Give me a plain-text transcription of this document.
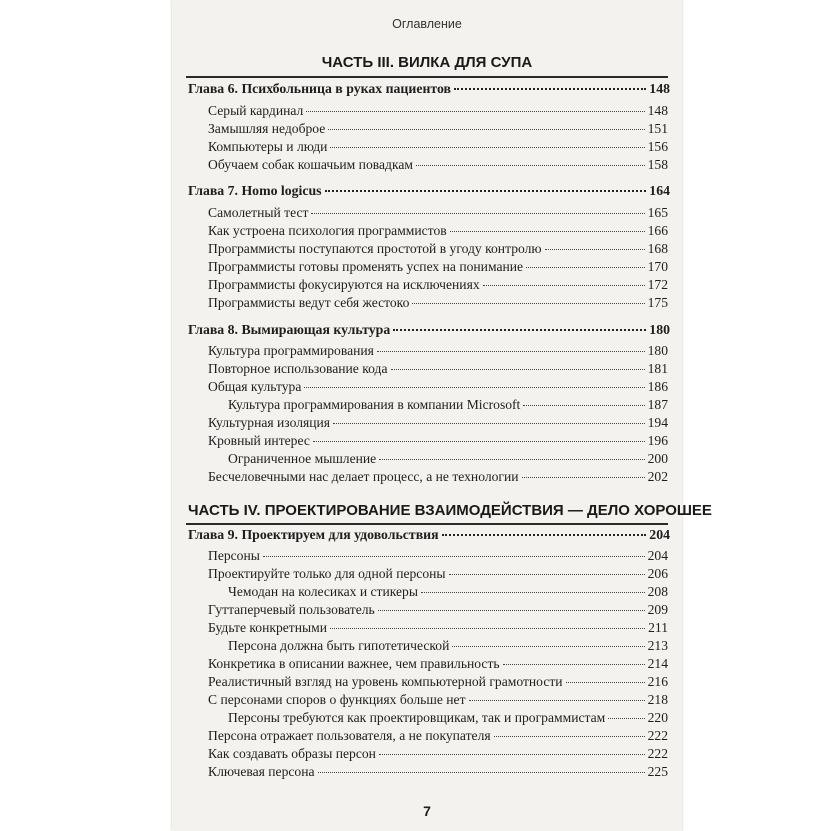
Оглавление
ЧАСТЬ III. ВИЛКА ДЛЯ СУПА
Глава 6. Психбольница в руках пациентов	148
Серый кардинал	148
Замышляя недоброе	151
Компьютеры и люди	156
Обучаем собак кошачьим повадкам	158
Глава 7. Homo logicus	164
Самолетный тест	165
Как устроена психология программистов	166
Программисты поступаются простотой в угоду контролю	168
Программисты готовы променять успех на понимание	170
Программисты фокусируются на исключениях	172
Программисты ведут себя жестоко	175
Глава 8. Вымирающая культура	180
Культура программирования	180
Повторное использование кода	181
Общая культура	186
Культура программирования в компании Microsoft	187
Культурная изоляция	194
Кровный интерес	196
Ограниченное мышление	200
Бесчеловечными нас делает процесс, а не технологии	202
ЧАСТЬ IV. ПРОЕКТИРОВАНИЕ ВЗАИМОДЕЙСТВИЯ — ДЕЛО ХОРОШЕЕ
Глава 9. Проектируем для удовольствия	204
Персоны	204
Проектируйте только для одной персоны	206
Чемодан на колесиках и стикеры	208
Гуттаперчевый пользователь	209
Будьте конкретными	211
Персона должна быть гипотетической	213
Конкретика в описании важнее, чем правильность	214
Реалистичный взгляд на уровень компьютерной грамотности	216
С персонами споров о функциях больше нет	218
Персоны требуются как проектировщикам, так и программистам	220
Персона отражает пользователя, а не покупателя	222
Как создавать образы персон	222
Ключевая персона	225
7
